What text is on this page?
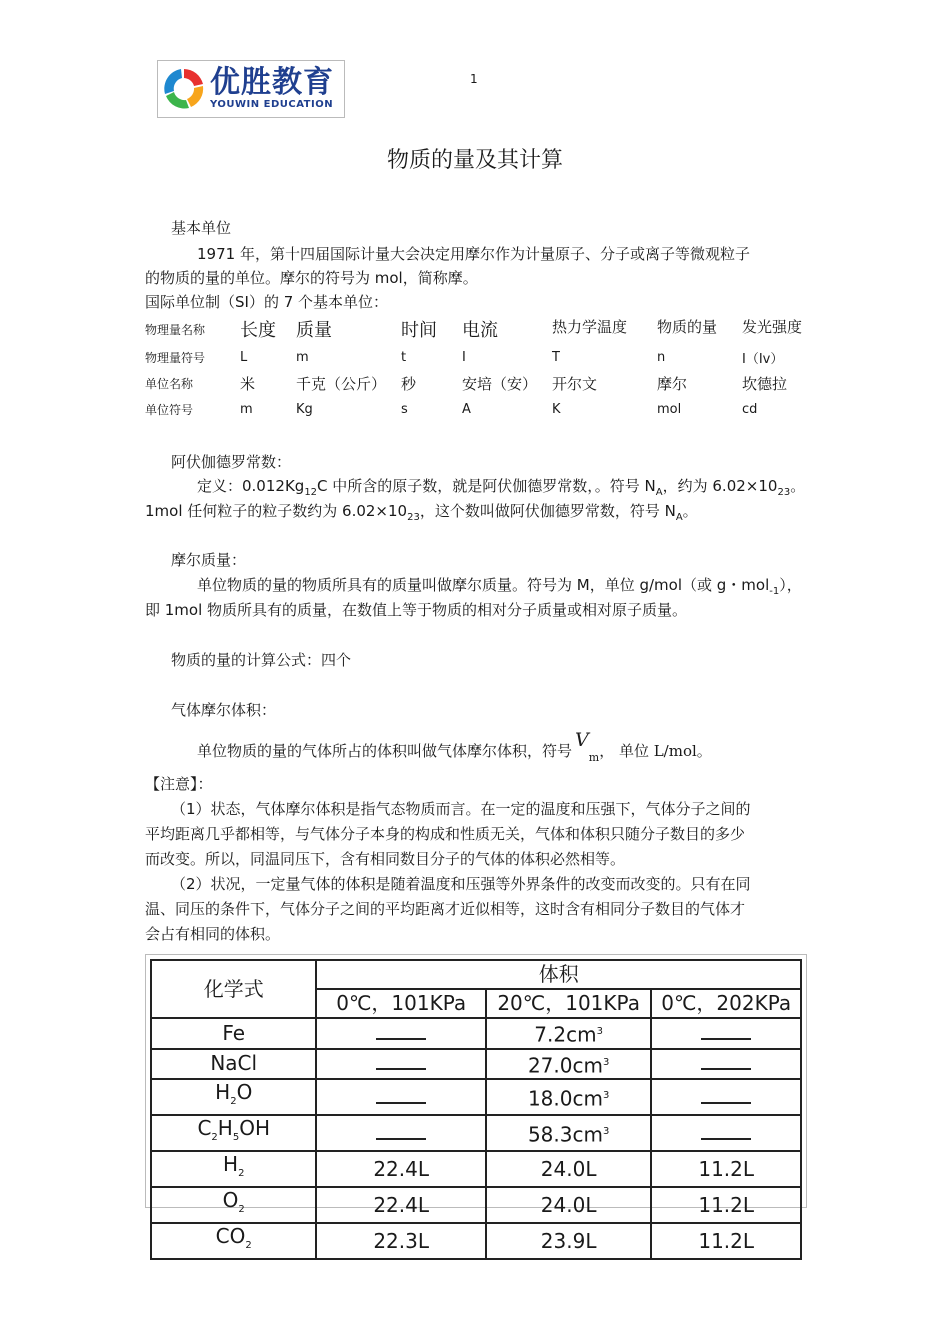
优胜教育
YOUWIN EDUCATION
1
物质的量及其计算
基本单位
1971 年，第十四届国际计量大会决定用摩尔作为计量原子、分子或离子等微观粒子
的物质的量的单位。摩尔的符号为 mol，简称摩。
国际单位制（SI）的 7 个基本单位：
物理量名称	长度	质量	时间	电流	热力学温度	物质的量	发光强度
物理量符号	L	m	t	I	T	n	I（Iv）
单位名称	米	千克（公斤）	秒	安培（安）	开尔文	摩尔	坎德拉
单位符号	m	Kg	s	A	K	mol	cd
阿伏伽德罗常数：
定义：$0.012Kg_{12}C$ 中所含的原子数，就是阿伏伽德罗常数，。符号 $N_A$，约为 $6.02\times 10_{23}$。
1mol 任何粒子的粒子数约为 $6.02\times 10_{23}$，这个数叫做阿伏伽德罗常数，符号 $N_A$。
摩尔质量：
单位物质的量的物质所具有的质量叫做摩尔质量。符号为 M，单位 g/mol（或 g・mol$_{-1}$），
即 1mol 物质所具有的质量，在数值上等于物质的相对分子质量或相对原子质量。
物质的量的计算公式：四个
气体摩尔体积：
单位物质的量的气体所占的体积叫做气体摩尔体积，符号 $V_m$， 单位 L/mol。
【注意】：
（1）状态，气体摩尔体积是指气态物质而言。在一定的温度和压强下，气体分子之间的
平均距离几乎都相等，与气体分子本身的构成和性质无关，气体和体积只随分子数目的多少
而改变。所以，同温同压下，含有相同数目分子的气体的体积必然相等。
（2）状况，一定量气体的体积是随着温度和压强等外界条件的改变而改变的。只有在同
温、同压的条件下，气体分子之间的平均距离才近似相等，这时含有相同分子数目的气体才
会占有相同的体积。
化学式	体积		
	0℃，101KPa	20℃，101KPa	0℃，202KPa
Fe		$7.2cm^3$	
NaCl		$27.0cm^3$	
$H_2O$		$18.0cm^3$	
$C_2H_5OH$		$58.3cm^3$	
$H_2$	22.4L	24.0L	11.2L
$O_2$	22.4L	24.0L	11.2L
$CO_2$	22.3L	23.9L	11.2L
